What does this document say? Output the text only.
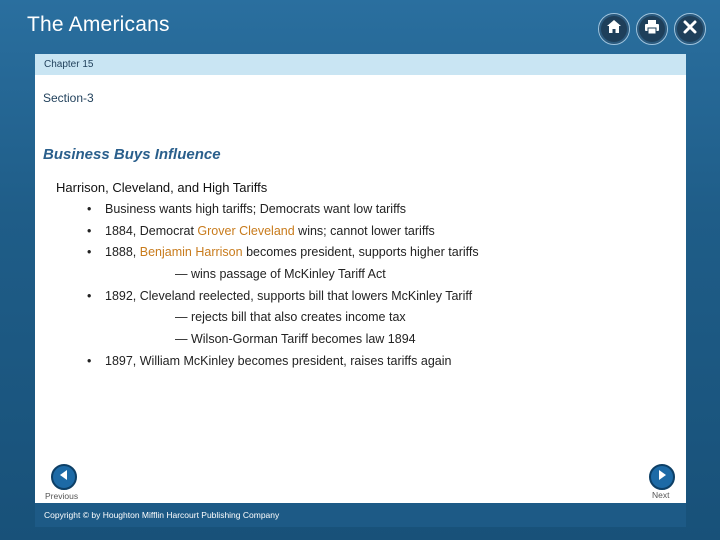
The Americans
Chapter 15
Section-3
Business Buys Influence
Harrison, Cleveland, and High Tariffs
• Business wants high tariffs; Democrats want low tariffs
• 1884, Democrat Grover Cleveland wins; cannot lower tariffs
• 1888, Benjamin Harrison becomes president, supports higher tariffs
— wins passage of McKinley Tariff Act
• 1892, Cleveland reelected, supports bill that lowers McKinley Tariff
— rejects bill that also creates income tax
— Wilson-Gorman Tariff becomes law 1894
• 1897, William McKinley becomes president, raises tariffs again
Previous	Next
Copyright © by Houghton Mifflin Harcourt Publishing Company
